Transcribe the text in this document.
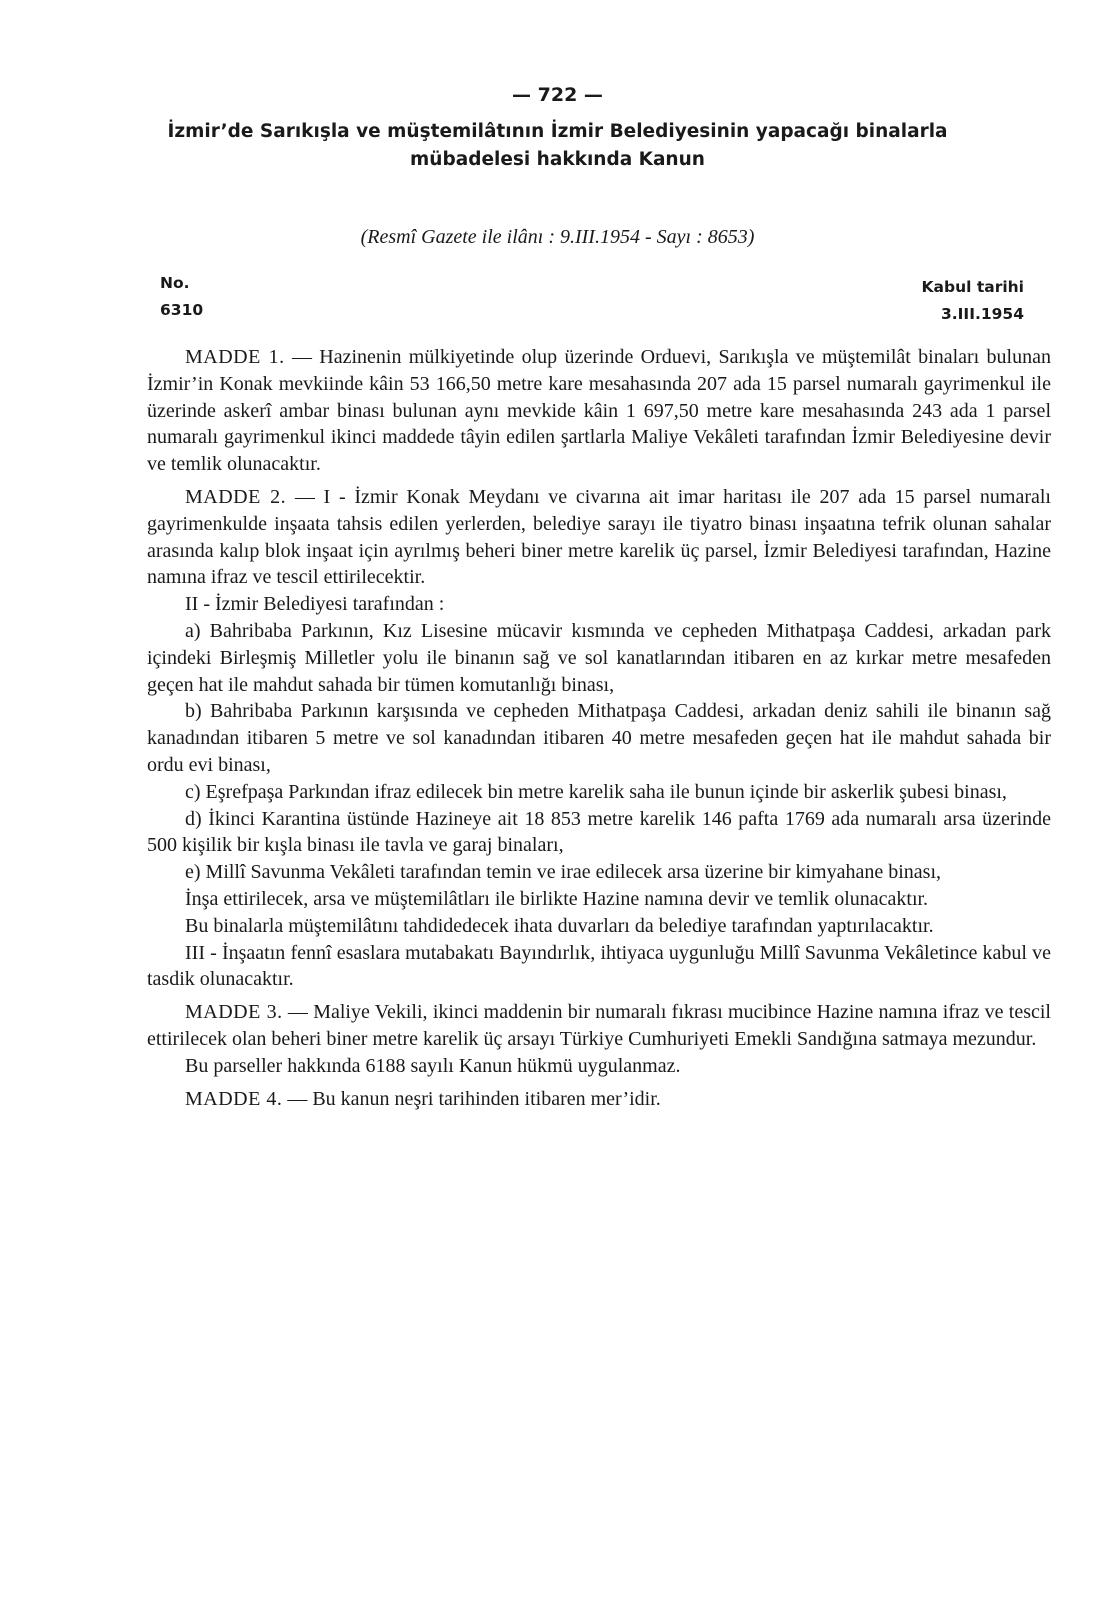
— 722 —
İzmir’de Sarıkışla ve müştemilâtının İzmir Belediyesinin yapacağı binalarla
mübadelesi hakkında Kanun
(Resmî Gazete ile ilânı : 9.III.1954 - Sayı : 8653)
No.
6310
Kabul tarihi
3.III.1954

MADDE 1. — Hazinenin mülkiyetinde olup üzerinde Orduevi, Sarıkışla ve müştemilât binaları bulunan İzmir’in Konak mevkiinde kâin 53 166,50 metre kare mesahasında 207 ada 15 parsel numaralı gayrimenkul ile üzerinde askerî ambar binası bulunan aynı mevkide kâin 1 697,50 metre kare mesahasında 243 ada 1 parsel numaralı gayrimenkul ikinci maddede tâyin edilen şartlarla Maliye Vekâleti tarafından İzmir Belediyesine devir ve temlik olunacaktır.

MADDE 2. — I - İzmir Konak Meydanı ve civarına ait imar haritası ile 207 ada 15 parsel numaralı gayrimenkulde inşaata tahsis edilen yerlerden, belediye sarayı ile tiyatro binası inşaatına tefrik olunan sahalar arasında kalıp blok inşaat için ayrılmış beheri biner metre karelik üç parsel, İzmir Belediyesi tarafından, Hazine namına ifraz ve tescil ettirilecektir.

II - İzmir Belediyesi tarafından :

a) Bahribaba Parkının, Kız Lisesine mücavir kısmında ve cepheden Mithatpaşa Caddesi, arkadan park içindeki Birleşmiş Milletler yolu ile binanın sağ ve sol kanatlarından itibaren en az kırkar metre mesafeden geçen hat ile mahdut sahada bir tümen komutanlığı binası,

b) Bahribaba Parkının karşısında ve cepheden Mithatpaşa Caddesi, arkadan deniz sahili ile binanın sağ kanadından itibaren 5 metre ve sol kanadından itibaren 40 metre mesafeden geçen hat ile mahdut sahada bir ordu evi binası,

c) Eşrefpaşa Parkından ifraz edilecek bin metre karelik saha ile bunun içinde bir askerlik şubesi binası,

d) İkinci Karantina üstünde Hazineye ait 18 853 metre karelik 146 pafta 1769 ada numaralı arsa üzerinde 500 kişilik bir kışla binası ile tavla ve garaj binaları,

e) Millî Savunma Vekâleti tarafından temin ve irae edilecek arsa üzerine bir kimyahane binası,

İnşa ettirilecek, arsa ve müştemilâtları ile birlikte Hazine namına devir ve temlik olunacaktır.

Bu binalarla müştemilâtını tahdidedecek ihata duvarları da belediye tarafından yaptırılacaktır.

III - İnşaatın fennî esaslara mutabakatı Bayındırlık, ihtiyaca uygunluğu Millî Savunma Vekâletince kabul ve tasdik olunacaktır.

MADDE 3. — Maliye Vekili, ikinci maddenin bir numaralı fıkrası mucibince Hazine namına ifraz ve tescil ettirilecek olan beheri biner metre karelik üç arsayı Türkiye Cumhuriyeti Emekli Sandığına satmaya mezundur.

Bu parseller hakkında 6188 sayılı Kanun hükmü uygulanmaz.

MADDE 4. — Bu kanun neşri tarihinden itibaren mer’idir.
